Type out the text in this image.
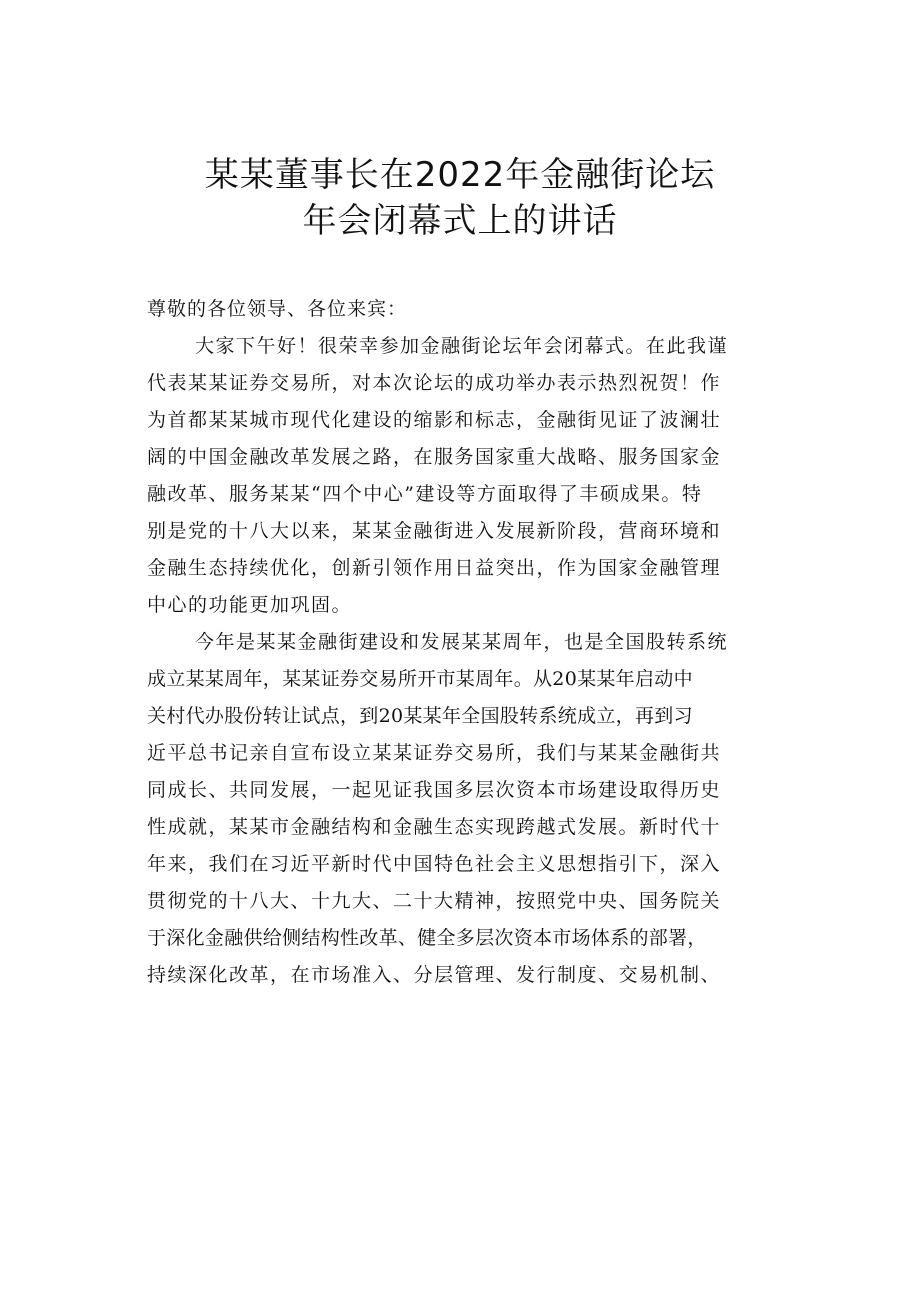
某某董事长在2022年金融街论坛
年会闭幕式上的讲话

尊敬的各位领导、各位来宾：

大家下午好！很荣幸参加金融街论坛年会闭幕式。在此我谨
代表某某证券交易所，对本次论坛的成功举办表示热烈祝贺！作
为首都某某城市现代化建设的缩影和标志，金融街见证了波澜壮
阔的中国金融改革发展之路，在服务国家重大战略、服务国家金
融改革、服务某某“四个中心”建设等方面取得了丰硕成果。特
别是党的十八大以来，某某金融街进入发展新阶段，营商环境和
金融生态持续优化，创新引领作用日益突出，作为国家金融管理
中心的功能更加巩固。

今年是某某金融街建设和发展某某周年，也是全国股转系统
成立某某周年，某某证券交易所开市某周年。从20某某年启动中
关村代办股份转让试点，到20某某年全国股转系统成立，再到习
近平总书记亲自宣布设立某某证券交易所，我们与某某金融街共
同成长、共同发展，一起见证我国多层次资本市场建设取得历史
性成就，某某市金融结构和金融生态实现跨越式发展。新时代十
年来，我们在习近平新时代中国特色社会主义思想指引下，深入
贯彻党的十八大、十九大、二十大精神，按照党中央、国务院关
于深化金融供给侧结构性改革、健全多层次资本市场体系的部署，
持续深化改革，在市场准入、分层管理、发行制度、交易机制、
